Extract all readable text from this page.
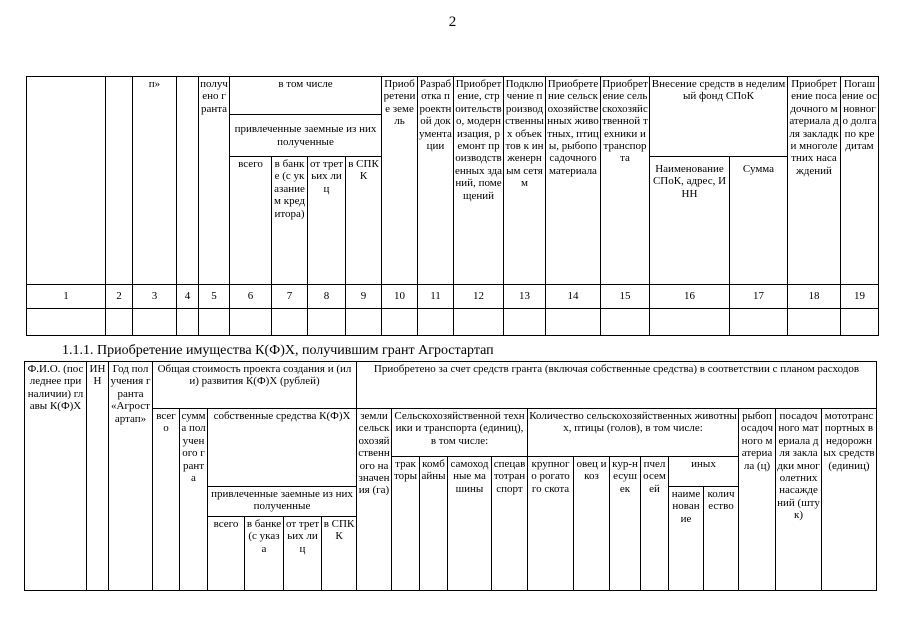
2
		п»		получено гранта	в том числе				Приобретение земель	Разработка проектной документации	Приобретение, строительство, модернизация, ремонт производственных зданий, помещений	Подключение производственных объектов к инженерным сетям	Приобретение сельскохозяйственных животных, птицы, рыбопосадочного материала	Приобретение сельскохозяйственной техники и транспорта	Внесение средств в неделимый фонд СПоК		Приобретение посадочного материала для закладки многолетних насаждений	Погашение основного долга по кредитам
					привлеченные заемные из них полученные													
					всего	в банке (с указанием кредитора)	от третьих лиц	в СПКК							Наименование СПоК, адрес, ИНН	Сумма		
1	2	3	4	5	6	7	8	9	10	11	12	13	14	15	16	17	18	19

1.1.1. Приобретение имущества К(Ф)Х, получившим грант Агростартап
Ф.И.О. (последнее при наличии) главы К(Ф)Х	ИНН	Год получения гранта «Агростартап»	Общая стоимость проекта создания и (или) развития К(Ф)Х (рублей)						Приобретено за счет средств гранта (включая собственные средства) в соответствии с планом расходов													
			всего	сумма полученого гранта	собственные средства К(Ф)Х				земли сельскохозяйственного назначения (га)	Сельскохозяйственной техники и транспорта (единиц), в том числе:				Количество сельскохозяйственных животных, птицы (голов), в том числе:						рыбопосадочного материала (ц)	посадочного материала для закладки многолетних насаждений (штук)	мототранспортных внедорожных средств (единиц)
										тракторы	комбайны	самоходные машины	спецавтотранспорт	крупного рогатого скота	овец и коз	кур-несушек	пчелосемей	иных				
					привлеченные заемные из них полученные													наименование	количество			
					всего	в банке (с указа	от третьих лиц	в СПКК														
